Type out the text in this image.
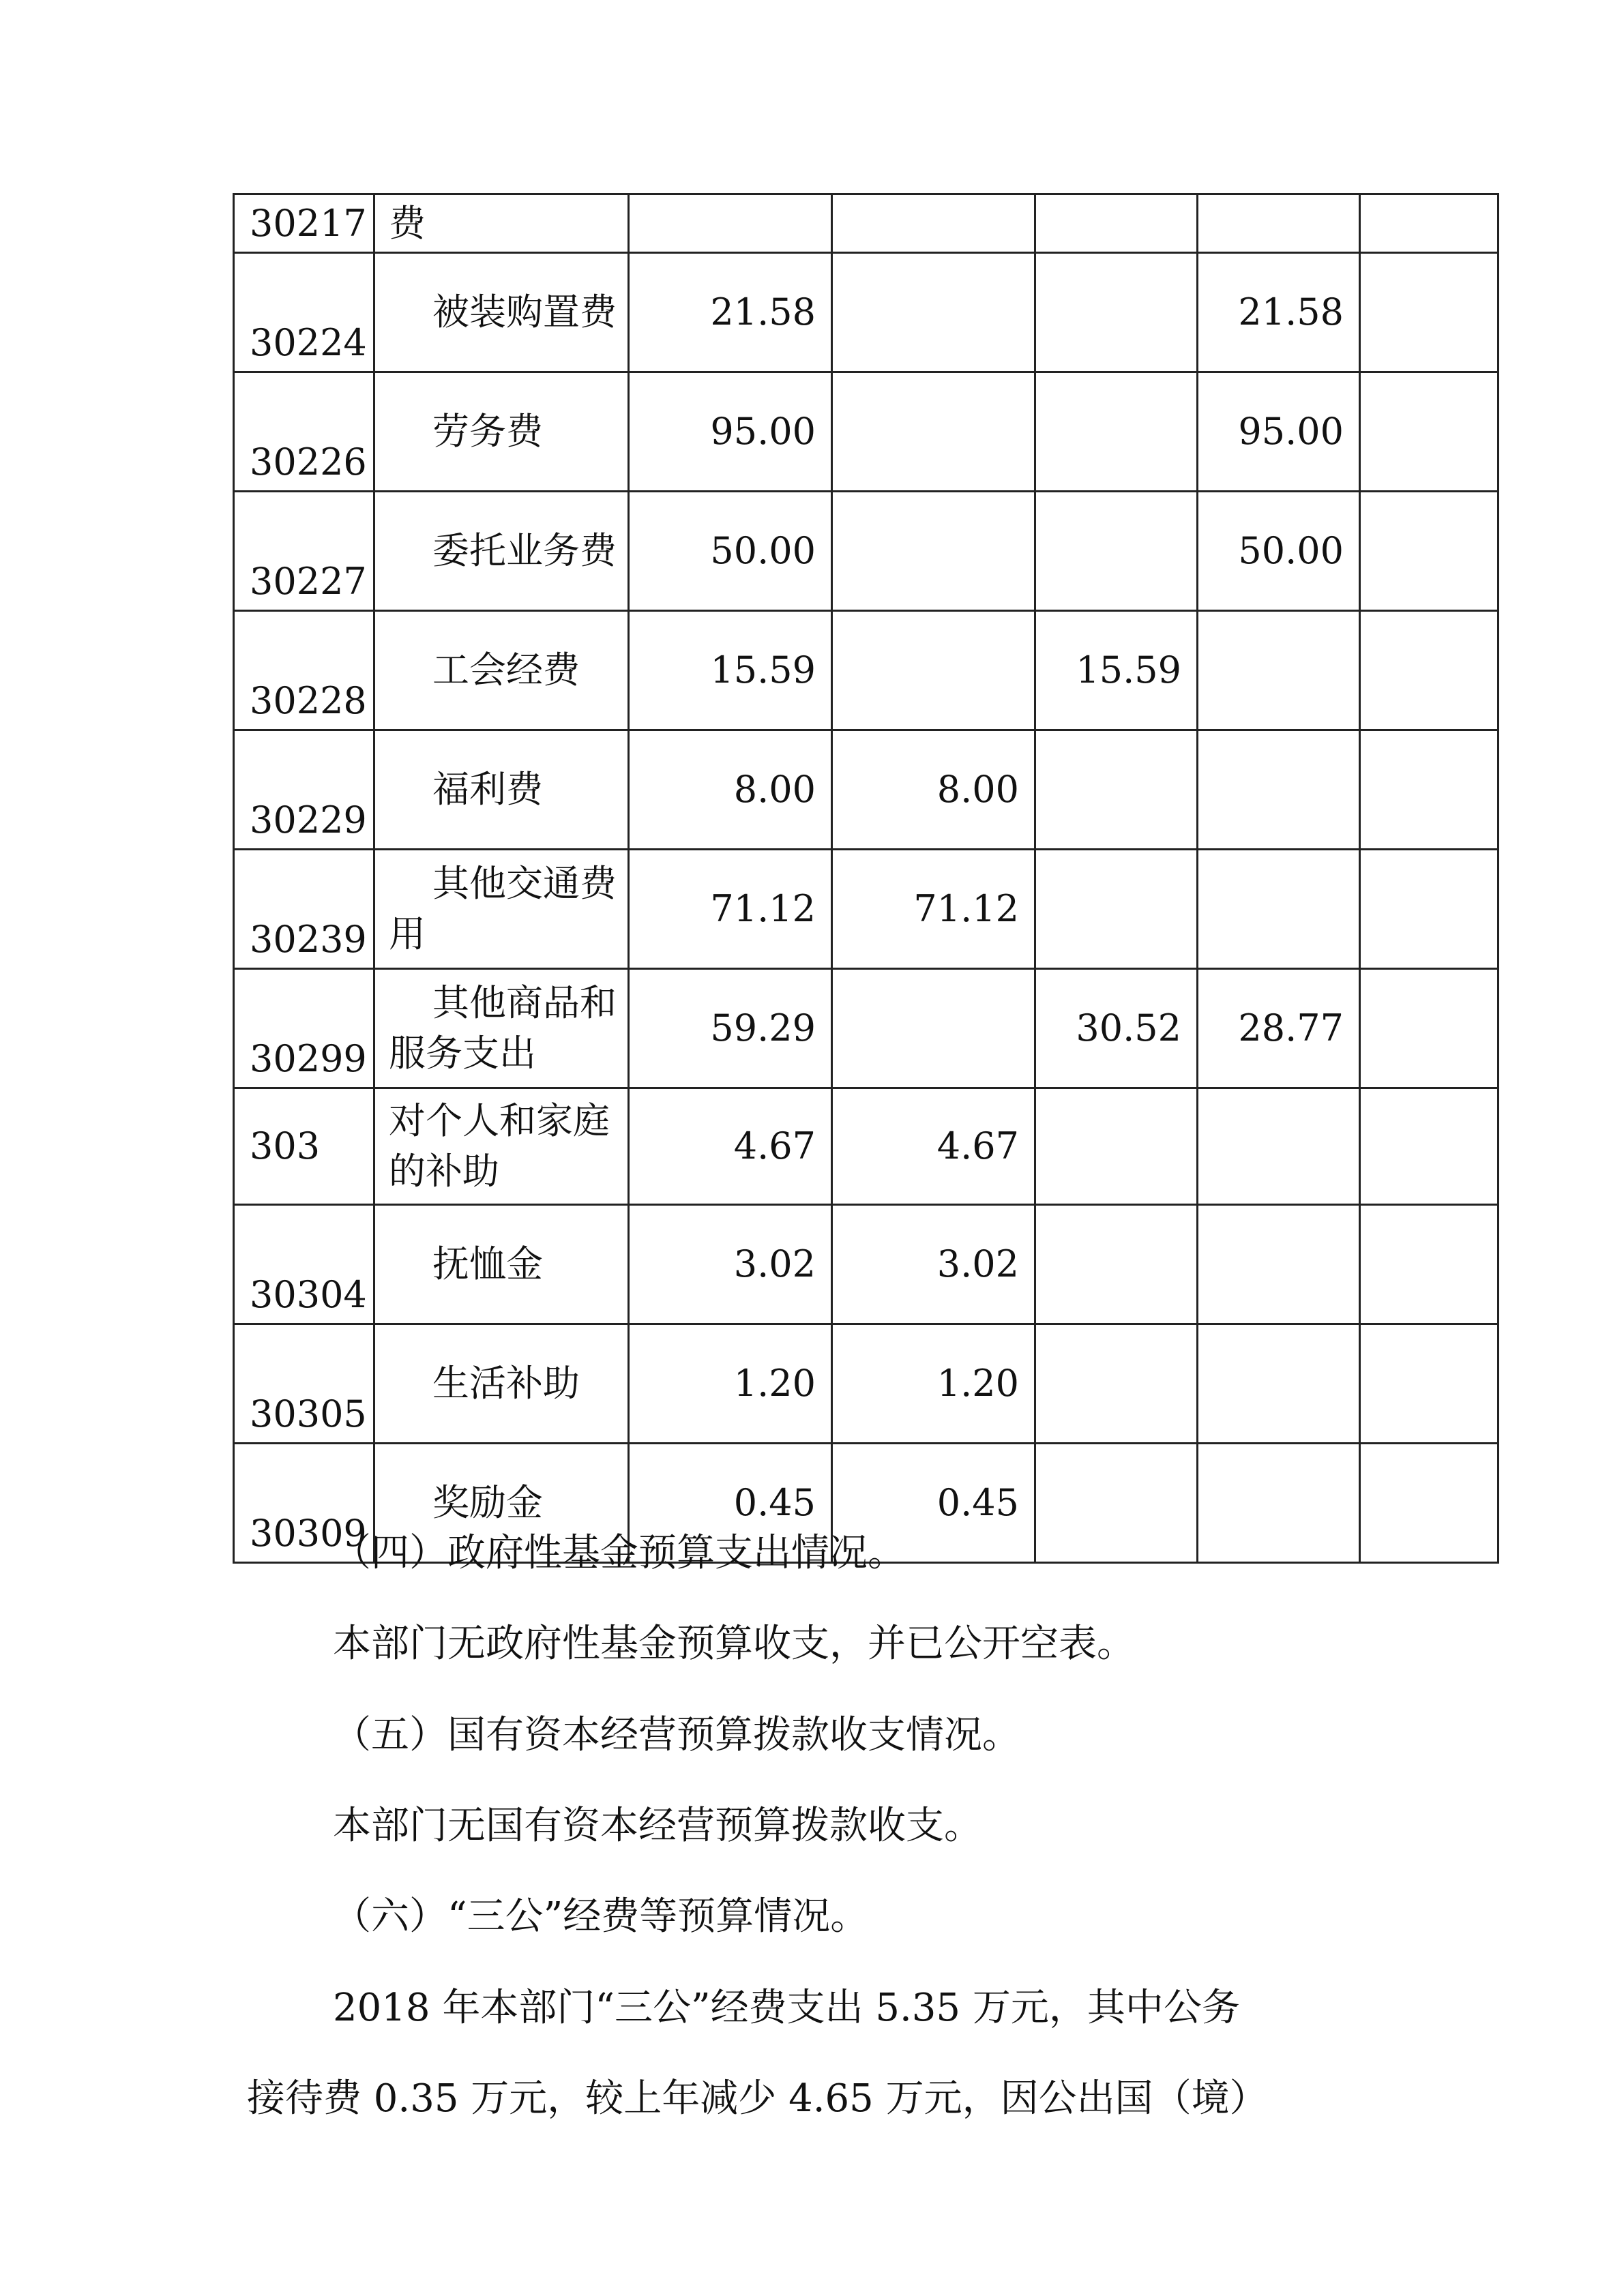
30217	费					
30224	被装购置费	21.58			21.58	
30226	劳务费	95.00			95.00	
30227	委托业务费	50.00			50.00	
30228	工会经费	15.59		15.59		
30229	福利费	8.00	8.00			
30239	其他交通费用	71.12	71.12			
30299	其他商品和服务支出	59.29		30.52	28.77	
303	对个人和家庭的补助	4.67	4.67			
30304	抚恤金	3.02	3.02			
30305	生活补助	1.20	1.20			
30309	奖励金	0.45	0.45			
（四）政府性基金预算支出情况。
本部门无政府性基金预算收支，并已公开空表。
（五）国有资本经营预算拨款收支情况。
本部门无国有资本经营预算拨款收支。
（六）“三公”经费等预算情况。
2018 年本部门“三公”经费支出 5.35 万元，其中公务
接待费 0.35 万元，较上年减少 4.65 万元，因公出国（境）
